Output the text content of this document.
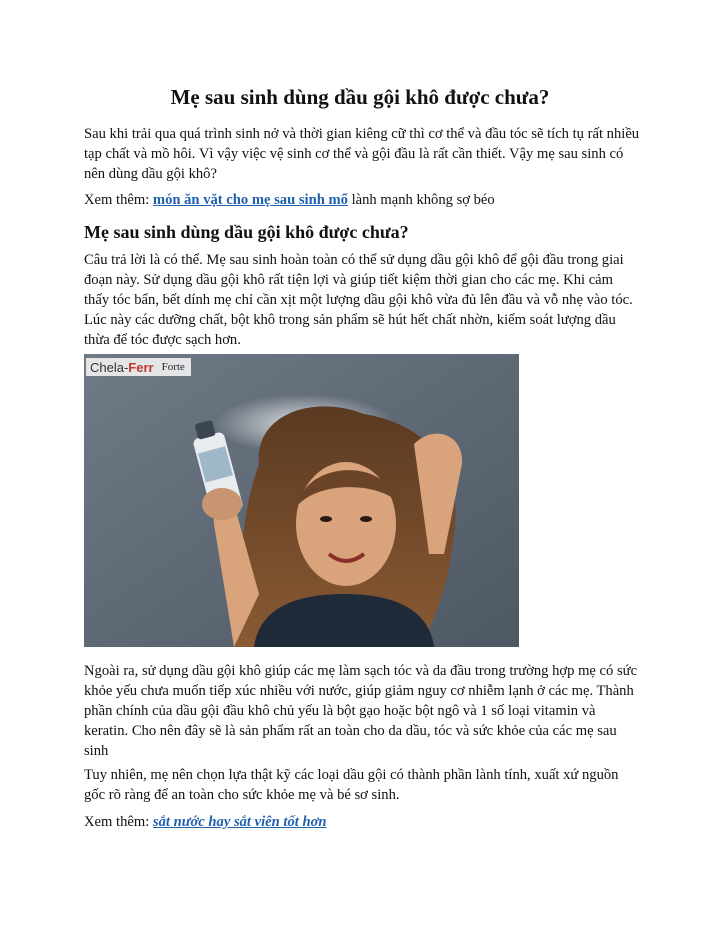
Mẹ sau sinh dùng dầu gội khô được chưa?

Sau khi trải qua quá trình sinh nở và thời gian kiêng cữ thì cơ thể và đầu tóc sẽ tích tụ rất nhiều tạp chất và mồ hôi. Vì vậy việc vệ sinh cơ thể và gội đầu là rất cần thiết. Vậy mẹ sau sinh có nên dùng dầu gội khô?

Xem thêm: món ăn vặt cho mẹ sau sinh mổ lành mạnh không sợ béo

Mẹ sau sinh dùng dầu gội khô được chưa?

Câu trả lời là có thể. Mẹ sau sinh hoàn toàn có thể sử dụng dầu gội khô để gội đầu trong giai đoạn này. Sử dụng dầu gội khô rất tiện lợi và giúp tiết kiệm thời gian cho các mẹ. Khi cảm thấy tóc bẩn, bết dính mẹ chỉ cần xịt một lượng dầu gội khô vừa đủ lên đầu và vỗ nhẹ vào tóc. Lúc này các dưỡng chất, bột khô trong sản phẩm sẽ hút hết chất nhờn, kiểm soát lượng dầu thừa để tóc được sạch hơn.

Chela- Ferr Forte

Ngoài ra, sử dụng dầu gội khô giúp các mẹ làm sạch tóc và da đầu trong trường hợp mẹ có sức khỏe yếu chưa muốn tiếp xúc nhiều với nước, giúp giảm nguy cơ nhiễm lạnh ở các mẹ. Thành phần chính của dầu gội đầu khô chủ yếu là bột gạo hoặc bột ngô và 1 số loại vitamin và keratin. Cho nên đây sẽ là sản phẩm rất an toàn cho da dầu, tóc và sức khỏe của các mẹ sau sinh

Tuy nhiên, mẹ nên chọn lựa thật kỹ các loại dầu gội có thành phần lành tính, xuất xứ nguồn gốc rõ ràng để an toàn cho sức khỏe mẹ và bé sơ sinh.

Xem thêm: sắt nước hay sắt viên tốt hơn
